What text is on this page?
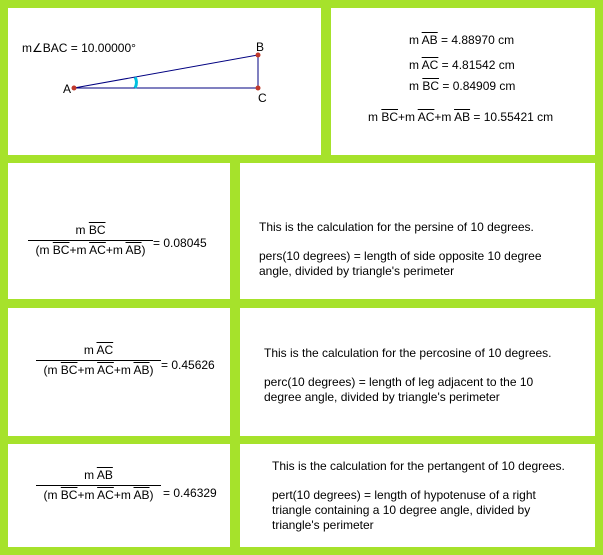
m∠BAC = 10.00000°
A
B
C
m $\overline{AB} = 4.88970$ cm
m $\overline{AC} = 4.81542$ cm
m $\overline{BC} = 0.84909$ cm
m $\overline{BC}+m$ $\overline{AC}+m$ $\overline{AB} = 10.55421$ cm
m $\overline{BC}$
(m $\overline{BC}+m$ $\overline{AC}+m$ $\overline{AB}) = 0.08045$

This is the calculation for the persine of 10 degrees.

pers(10 degrees) = length of side opposite 10 degree angle, divided by triangle's perimeter

m $\overline{AC}$
(m $\overline{BC}+m$ $\overline{AC}+m$ $\overline{AB}) = 0.45626$

This is the calculation for the percosine of 10 degrees.

perc(10 degrees) = length of leg adjacent to the 10 degree angle, divided by triangle's perimeter

m $\overline{AB}$
(m $\overline{BC}+m$ $\overline{AC}+m$ $\overline{AB}) = 0.46329$

This is the calculation for the pertangent of 10 degrees.

pert(10 degrees) = length of hypotenuse of a right triangle containing a 10 degree angle, divided by triangle's perimeter
